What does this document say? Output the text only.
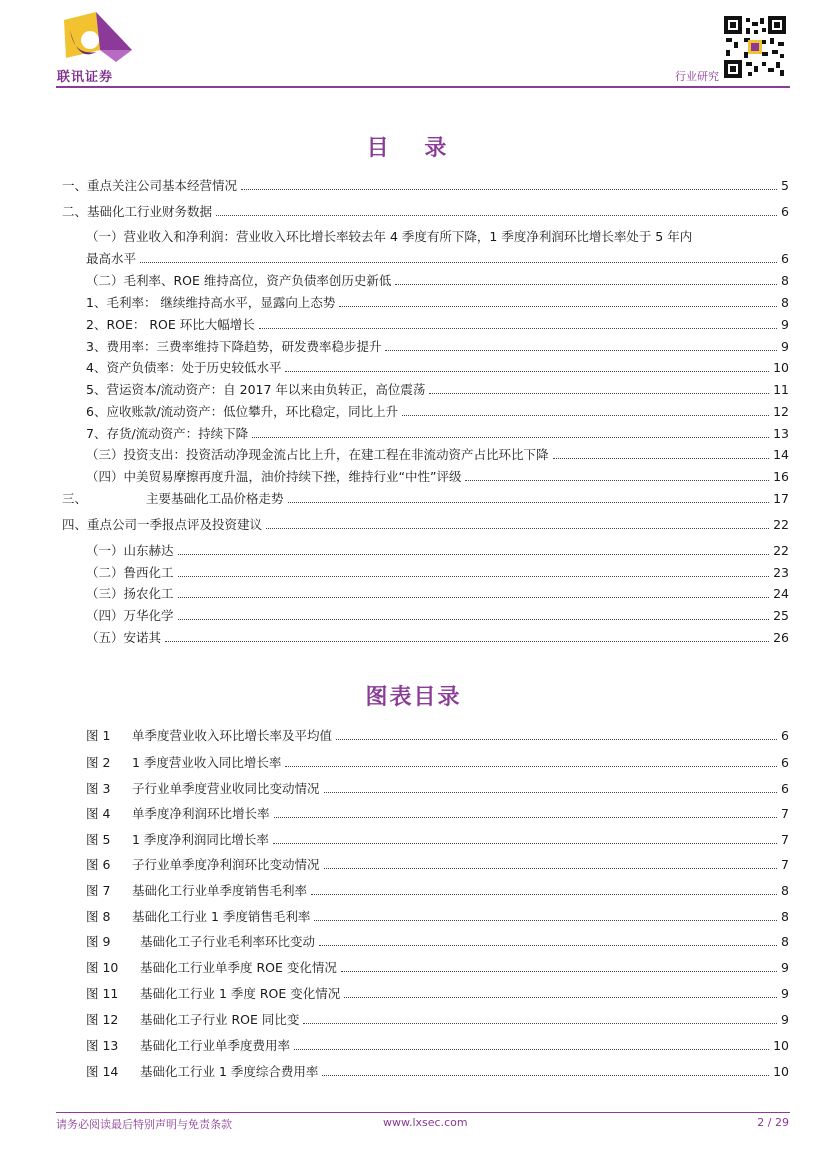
联讯证券	行业研究
目 录
一、重点关注公司基本经营情况	5
二、基础化工行业财务数据	6
（一）营业收入和净利润：营业收入环比增长率较去年 4 季度有所下降，1 季度净利润环比增长率处于 5 年内
最高水平	6
（二）毛利率、ROE 维持高位，资产负债率创历史新低	8
1、毛利率： 继续维持高水平，显露向上态势	8
2、ROE： ROE 环比大幅增长	9
3、费用率：三费率维持下降趋势，研发费率稳步提升	9
4、资产负债率：处于历史较低水平	10
5、营运资本/流动资产：自 2017 年以来由负转正，高位震荡	11
6、应收账款/流动资产：低位攀升，环比稳定，同比上升	12
7、存货/流动资产：持续下降	13
（三）投资支出：投资活动净现金流占比上升，在建工程在非流动资产占比环比下降	14
（四）中美贸易摩擦再度升温，油价持续下挫，维持行业“中性”评级	16
三、	主要基础化工品价格走势	17
四、重点公司一季报点评及投资建议	22
（一）山东赫达	22
（二）鲁西化工	23
（三）扬农化工	24
（四）万华化学	25
（五）安诺其	26
图表目录
图 1	单季度营业收入环比增长率及平均值	6
图 2	1 季度营业收入同比增长率	6
图 3	子行业单季度营业收同比变动情况	6
图 4	单季度净利润环比增长率	7
图 5	1 季度净利润同比增长率	7
图 6	子行业单季度净利润环比变动情况	7
图 7	基础化工行业单季度销售毛利率	8
图 8	基础化工行业 1 季度销售毛利率	8
图 9	基础化工子行业毛利率环比变动	8
图 10	基础化工行业单季度 ROE 变化情况	9
图 11	基础化工行业 1 季度 ROE 变化情况	9
图 12	基础化工子行业 ROE 同比变	9
图 13	基础化工行业单季度费用率	10
图 14	基础化工行业 1 季度综合费用率	10
请务必阅读最后特别声明与免责条款	www.lxsec.com	2 / 29
